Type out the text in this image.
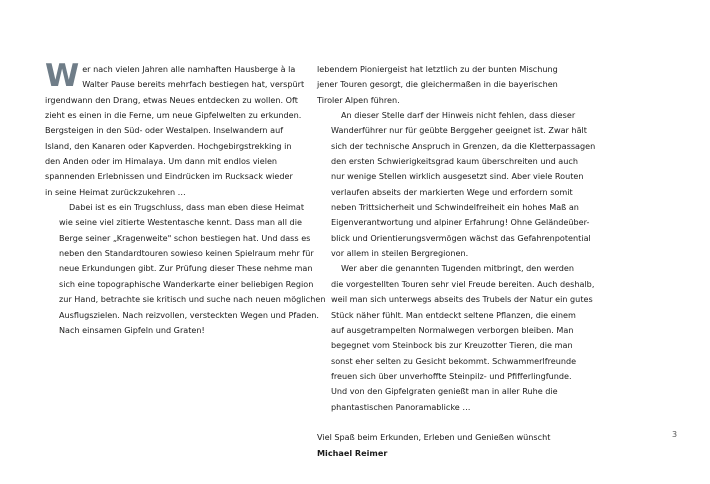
W er nach vielen Jahren alle namhaften Hausberge à la
Walter Pause bereits mehrfach bestiegen hat, verspürt
irgendwann den Drang, etwas Neues entdecken zu wollen. Oft
zieht es einen in die Ferne, um neue Gipfelwelten zu erkunden.
Bergsteigen in den Süd- oder Westalpen. Inselwandern auf
Island, den Kanaren oder Kapverden. Hochgebirgstrekking in
den Anden oder im Himalaya. Um dann mit endlos vielen
spannenden Erlebnissen und Eindrücken im Rucksack wieder
in seine Heimat zurückzukehren …
Dabei ist es ein Trugschluss, dass man eben diese Heimat
wie seine viel zitierte Westentasche kennt. Dass man all die
Berge seiner „Kragenweite" schon bestiegen hat. Und dass es
neben den Standardtouren sowieso keinen Spielraum mehr für
neue Erkundungen gibt. Zur Prüfung dieser These nehme man
sich eine topographische Wanderkarte einer beliebigen Region
zur Hand, betrachte sie kritisch und suche nach neuen möglichen
Ausflugszielen. Nach reizvollen, versteckten Wegen und Pfaden.
Nach einsamen Gipfeln und Graten!
lebendem Pioniergeist hat letztlich zu der bunten Mischung
jener Touren gesorgt, die gleichermaßen in die bayerischen
Tiroler Alpen führen.
An dieser Stelle darf der Hinweis nicht fehlen, dass dieser
Wanderführer nur für geübte Berggeher geeignet ist. Zwar hält
sich der technische Anspruch in Grenzen, da die Kletterpassagen
den ersten Schwierigkeitsgrad kaum überschreiten und auch
nur wenige Stellen wirklich ausgesetzt sind. Aber viele Routen
verlaufen abseits der markierten Wege und erfordern somit
neben Trittsicherheit und Schwindelfreiheit ein hohes Maß an
Eigenverantwortung und alpiner Erfahrung! Ohne Geländeüber-
blick und Orientierungsvermögen wächst das Gefahrenpotential
vor allem in steilen Bergregionen.
Wer aber die genannten Tugenden mitbringt, den werden
die vorgestellten Touren sehr viel Freude bereiten. Auch deshalb,
weil man sich unterwegs abseits des Trubels der Natur ein gutes
Stück näher fühlt. Man entdeckt seltene Pflanzen, die einem
auf ausgetrampelten Normalwegen verborgen bleiben. Man
begegnet vom Steinbock bis zur Kreuzotter Tieren, die man
sonst eher selten zu Gesicht bekommt. Schwammerlfreunde
freuen sich über unverhoffte Steinpilz- und Pfifferlingfunde.
Und von den Gipfelgraten genießt man in aller Ruhe die
phantastischen Panoramablicke …
Viel Spaß beim Erkunden, Erleben und Genießen wünscht
Michael Reimer
3
